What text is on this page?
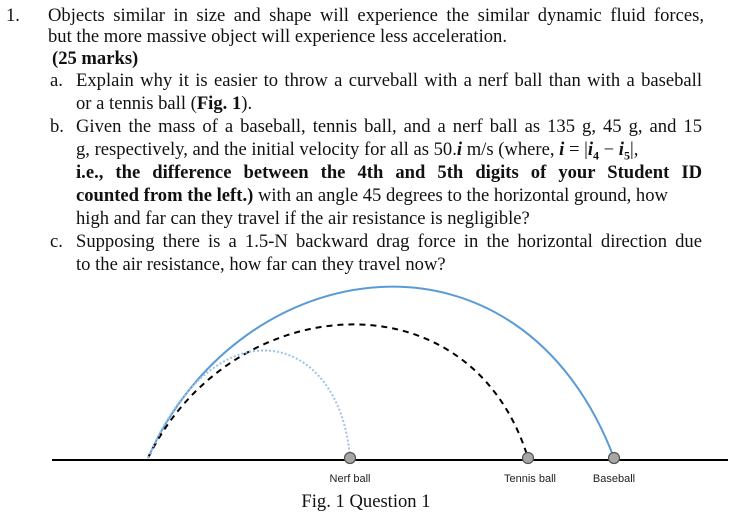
1. Objects similar in size and shape will experience the similar dynamic fluid forces,
but the more massive object will experience less acceleration.
(25 marks)
a. Explain why it is easier to throw a curveball with a nerf ball than with a baseball
or a tennis ball (Fig. 1).
b. Given the mass of a baseball, tennis ball, and a nerf ball as 135 g, 45 g, and 15
g, respectively, and the initial velocity for all as 50.i m/s (where, $i = |i_4 - i_5|$,
i.e., the difference between the 4th and 5th digits of your Student ID
counted from the left.) with an angle 45 degrees to the horizontal ground, how
high and far can they travel if the air resistance is negligible?
c. Supposing there is a 1.5-N backward drag force in the horizontal direction due
to the air resistance, how far can they travel now?
Nerf ball	Tennis ball	Baseball
Fig. 1 Question 1
